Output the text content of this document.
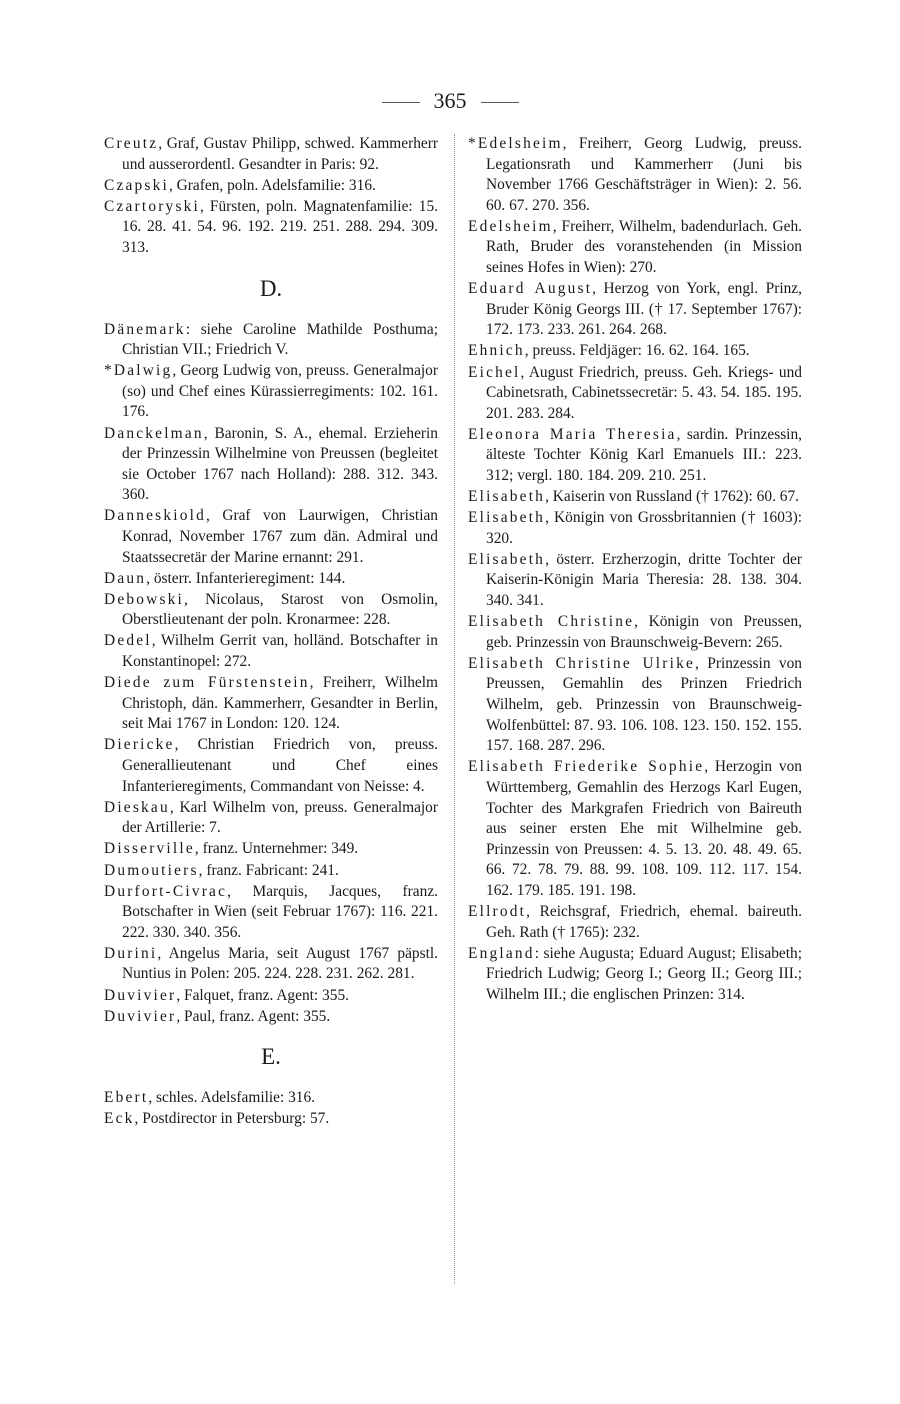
365
Creutz, Graf, Gustav Philipp, schwed. Kammerherr und ausserordentl. Gesandter in Paris: 92.
Czapski, Grafen, poln. Adelsfamilie: 316.
Czartoryski, Fürsten, poln. Magnatenfamilie: 15. 16. 28. 41. 54. 96. 192. 219. 251. 288. 294. 309. 313.
D.
Dänemark: siehe Caroline Mathilde Posthuma; Christian VII.; Friedrich V.
*Dalwig, Georg Ludwig von, preuss. Generalmajor (so) und Chef eines Kürassierregiments: 102. 161. 176.
Danckelman, Baronin, S. A., ehemal. Erzieherin der Prinzessin Wilhelmine von Preussen (begleitet sie October 1767 nach Holland): 288. 312. 343. 360.
Danneskiold, Graf von Laurwigen, Christian Konrad, November 1767 zum dän. Admiral und Staatssecretär der Marine ernannt: 291.
Daun, österr. Infanterieregiment: 144.
Debowski, Nicolaus, Starost von Osmolin, Oberstlieutenant der poln. Kronarmee: 228.
Dedel, Wilhelm Gerrit van, holländ. Botschafter in Konstantinopel: 272.
Diede zum Fürstenstein, Freiherr, Wilhelm Christoph, dän. Kammerherr, Gesandter in Berlin, seit Mai 1767 in London: 120. 124.
Diericke, Christian Friedrich von, preuss. Generallieutenant und Chef eines Infanterieregiments, Commandant von Neisse: 4.
Dieskau, Karl Wilhelm von, preuss. Generalmajor der Artillerie: 7.
Disserville, franz. Unternehmer: 349.
Dumoutiers, franz. Fabricant: 241.
Durfort-Civrac, Marquis, Jacques, franz. Botschafter in Wien (seit Februar 1767): 116. 221. 222. 330. 340. 356.
Durini, Angelus Maria, seit August 1767 päpstl. Nuntius in Polen: 205. 224. 228. 231. 262. 281.
Duvivier, Falquet, franz. Agent: 355.
Duvivier, Paul, franz. Agent: 355.
E.
Ebert, schles. Adelsfamilie: 316.
Eck, Postdirector in Petersburg: 57.
*Edelsheim, Freiherr, Georg Ludwig, preuss. Legationsrath und Kammerherr (Juni bis November 1766 Geschäftsträger in Wien): 2. 56. 60. 67. 270. 356.
Edelsheim, Freiherr, Wilhelm, badendurlach. Geh. Rath, Bruder des voranstehenden (in Mission seines Hofes in Wien): 270.
Eduard August, Herzog von York, engl. Prinz, Bruder König Georgs III. († 17. September 1767): 172. 173. 233. 261. 264. 268.
Ehnich, preuss. Feldjäger: 16. 62. 164. 165.
Eichel, August Friedrich, preuss. Geh. Kriegs- und Cabinetsrath, Cabinetssecretär: 5. 43. 54. 185. 195. 201. 283. 284.
Eleonora Maria Theresia, sardin. Prinzessin, älteste Tochter König Karl Emanuels III.: 223. 312; vergl. 180. 184. 209. 210. 251.
Elisabeth, Kaiserin von Russland († 1762): 60. 67.
Elisabeth, Königin von Grossbritannien († 1603): 320.
Elisabeth, österr. Erzherzogin, dritte Tochter der Kaiserin-Königin Maria Theresia: 28. 138. 304. 340. 341.
Elisabeth Christine, Königin von Preussen, geb. Prinzessin von Braunschweig-Bevern: 265.
Elisabeth Christine Ulrike, Prinzessin von Preussen, Gemahlin des Prinzen Friedrich Wilhelm, geb. Prinzessin von Braunschweig-Wolfenbüttel: 87. 93. 106. 108. 123. 150. 152. 155. 157. 168. 287. 296.
Elisabeth Friederike Sophie, Herzogin von Württemberg, Gemahlin des Herzogs Karl Eugen, Tochter des Markgrafen Friedrich von Baireuth aus seiner ersten Ehe mit Wilhelmine geb. Prinzessin von Preussen: 4. 5. 13. 20. 48. 49. 65. 66. 72. 78. 79. 88. 99. 108. 109. 112. 117. 154. 162. 179. 185. 191. 198.
Ellrodt, Reichsgraf, Friedrich, ehemal. baireuth. Geh. Rath († 1765): 232.
England: siehe Augusta; Eduard August; Elisabeth; Friedrich Ludwig; Georg I.; Georg II.; Georg III.; Wilhelm III.; die englischen Prinzen: 314.
